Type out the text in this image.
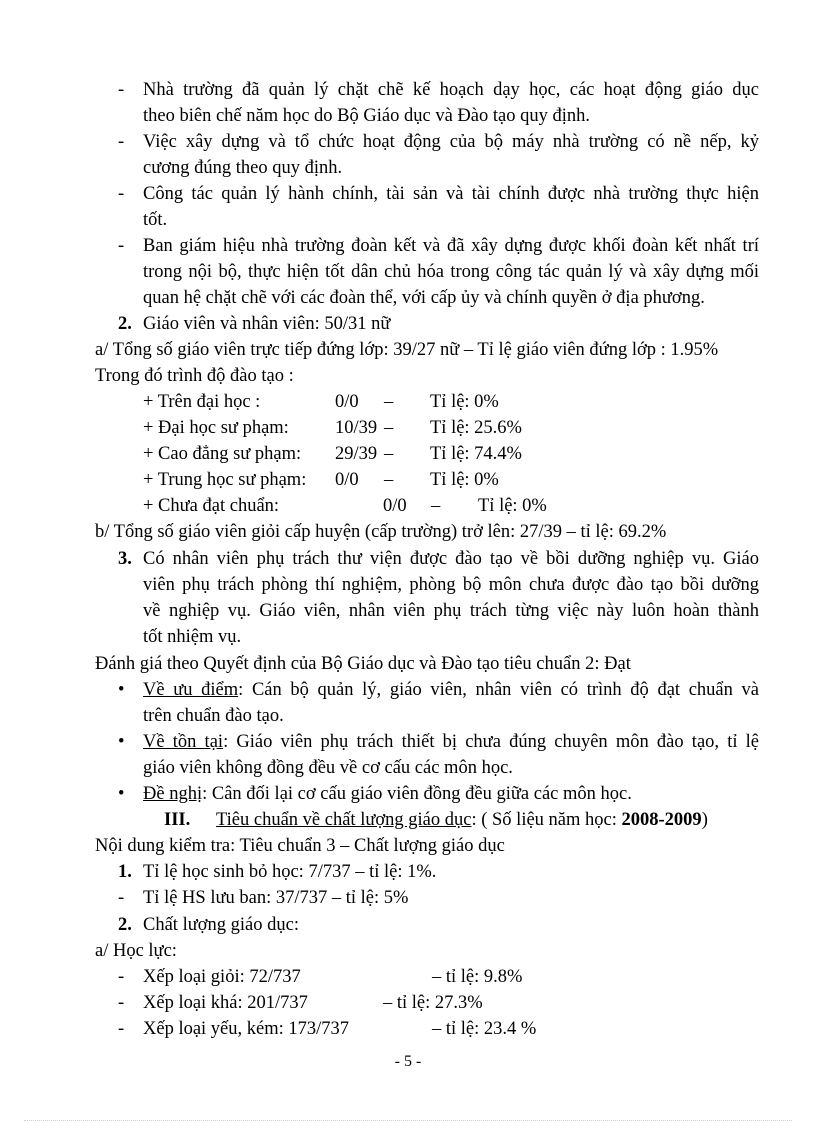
- Nhà trường đã quản lý chặt chẽ kế hoạch dạy học, các hoạt động giáo dục
theo biên chế năm học do Bộ Giáo dục và Đào tạo quy định.
- Việc xây dựng và tổ chức hoạt động của bộ máy nhà trường có nề nếp, kỷ
cương đúng theo quy định.
- Công tác quản lý hành chính, tài sản và tài chính được nhà trường thực hiện
tốt.
- Ban giám hiệu nhà trường đoàn kết và đã xây dựng được khối đoàn kết nhất trí
trong nội bộ, thực hiện tốt dân chủ hóa trong công tác quản lý và xây dựng mối
quan hệ chặt chẽ với các đoàn thể, với cấp ủy và chính quyền ở địa phương.
2. Giáo viên và nhân viên: 50/31 nữ
a/ Tổng số giáo viên trực tiếp đứng lớp: 39/27 nữ – Tỉ lệ giáo viên đứng lớp : 1.95%
Trong đó trình độ đào tạo :
+ Trên đại học :	0/0 – Tỉ lệ: 0%
+ Đại học sư phạm: 10/39 – Tỉ lệ: 25.6%
+ Cao đẳng sư phạm: 29/39 – Tỉ lệ: 74.4%
+ Trung học sư phạm: 0/0 – Tỉ lệ: 0%
+ Chưa đạt chuẩn:	0/0 – Tỉ lệ: 0%
b/ Tổng số giáo viên giỏi cấp huyện (cấp trường) trở lên: 27/39 – tỉ lệ: 69.2%
3. Có nhân viên phụ trách thư viện được đào tạo về bồi dưỡng nghiệp vụ. Giáo
viên phụ trách phòng thí nghiệm, phòng bộ môn chưa được đào tạo bồi dưỡng
về nghiệp vụ. Giáo viên, nhân viên phụ trách từng việc này luôn hoàn thành
tốt nhiệm vụ.
Đánh giá theo Quyết định của Bộ Giáo dục và Đào tạo tiêu chuẩn 2: Đạt
• Về ưu điểm: Cán bộ quản lý, giáo viên, nhân viên có trình độ đạt chuẩn và
trên chuẩn đào tạo.
• Về tồn tại: Giáo viên phụ trách thiết bị chưa đúng chuyên môn đào tạo, tỉ lệ
giáo viên không đồng đều về cơ cấu các môn học.
• Đề nghị: Cân đối lại cơ cấu giáo viên đồng đều giữa các môn học.
III. Tiêu chuẩn về chất lượng giáo dục: ( Số liệu năm học: 2008-2009)
Nội dung kiểm tra: Tiêu chuẩn 3 – Chất lượng giáo dục
1. Tỉ lệ học sinh bỏ học: 7/737 – tỉ lệ: 1%.
- Tỉ lệ HS lưu ban: 37/737 – tỉ lệ: 5%
2. Chất lượng giáo dục:
a/ Học lực:
- Xếp loại giỏi: 72/737	– tỉ lệ: 9.8%
- Xếp loại khá: 201/737	– tỉ lệ: 27.3%
- Xếp loại yếu, kém: 173/737	– tỉ lệ: 23.4 %
- 5 -
